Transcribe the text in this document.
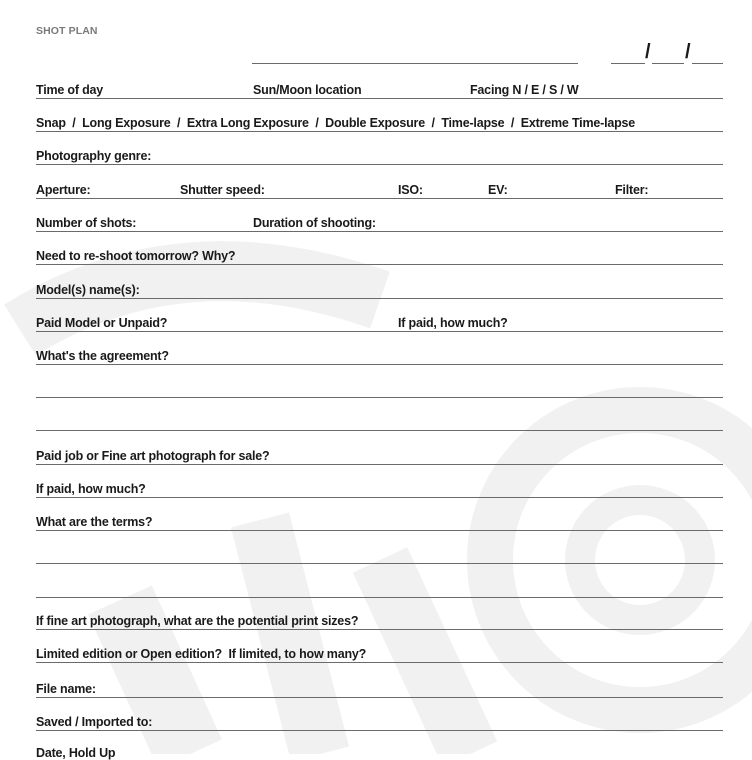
SHOT PLAN
/ /
Time of day	Sun/Moon location	Facing N / E / S / W
Snap  /  Long Exposure  /  Extra Long Exposure  /  Double Exposure  /  Time-lapse  /  Extreme Time-lapse
Photography genre:
Aperture:	Shutter speed:	ISO:	EV:	Filter:
Number of shots:	Duration of shooting:
Need to re-shoot tomorrow? Why?
Model(s) name(s):
Paid Model or Unpaid?	If paid, how much?
What's the agreement?
Paid job or Fine art photograph for sale?
If paid, how much?
What are the terms?
If fine art photograph, what are the potential print sizes?
Limited edition or Open edition?  If limited, to how many?
File name:
Saved / Imported to:
Date, Hold Up
